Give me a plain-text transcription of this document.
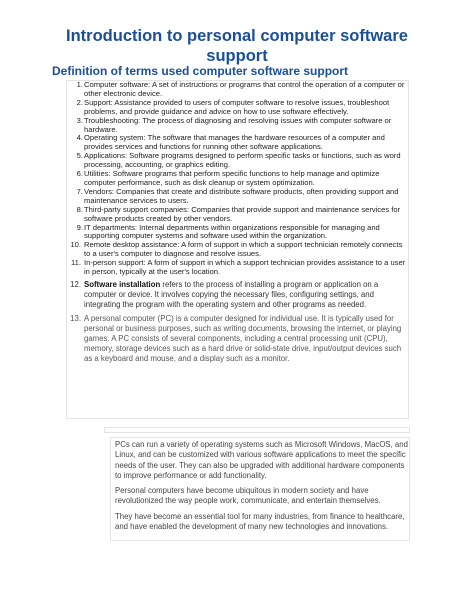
Introduction to personal computer software support
Definition of terms used computer software support
1. Computer software: A set of instructions or programs that control the operation of a computer or other electronic device.
2. Support: Assistance provided to users of computer software to resolve issues, troubleshoot problems, and provide guidance and advice on how to use software effectively.
3. Troubleshooting: The process of diagnosing and resolving issues with computer software or hardware.
4. Operating system: The software that manages the hardware resources of a computer and provides services and functions for running other software applications.
5. Applications: Software programs designed to perform specific tasks or functions, such as word processing, accounting, or graphics editing.
6. Utilities: Software programs that perform specific functions to help manage and optimize computer performance, such as disk cleanup or system optimization.
7. Vendors: Companies that create and distribute software products, often providing support and maintenance services to users.
8. Third-party support companies: Companies that provide support and maintenance services for software products created by other vendors.
9. IT departments: Internal departments within organizations responsible for managing and supporting computer systems and software used within the organization.
10. Remote desktop assistance: A form of support in which a support technician remotely connects to a user's computer to diagnose and resolve issues.
11. In-person support: A form of support in which a support technician provides assistance to a user in person, typically at the user's location.
12. Software installation refers to the process of installing a program or application on a computer or device. It involves copying the necessary files, configuring settings, and integrating the program with the operating system and other programs as needed.
13. A personal computer (PC) is a computer designed for individual use. It is typically used for personal or business purposes, such as writing documents, browsing the internet, or playing games. A PC consists of several components, including a central processing unit (CPU), memory, storage devices such as a hard drive or solid-state drive, input/output devices such as a keyboard and mouse, and a display such as a monitor.

PCs can run a variety of operating systems such as Microsoft Windows, MacOS, and Linux, and can be customized with various software applications to meet the specific needs of the user. They can also be upgraded with additional hardware components to improve performance or add functionality.

Personal computers have become ubiquitous in modern society and have revolutionized the way people work, communicate, and entertain themselves.

They have become an essential tool for many industries, from finance to healthcare, and have enabled the development of many new technologies and innovations.
